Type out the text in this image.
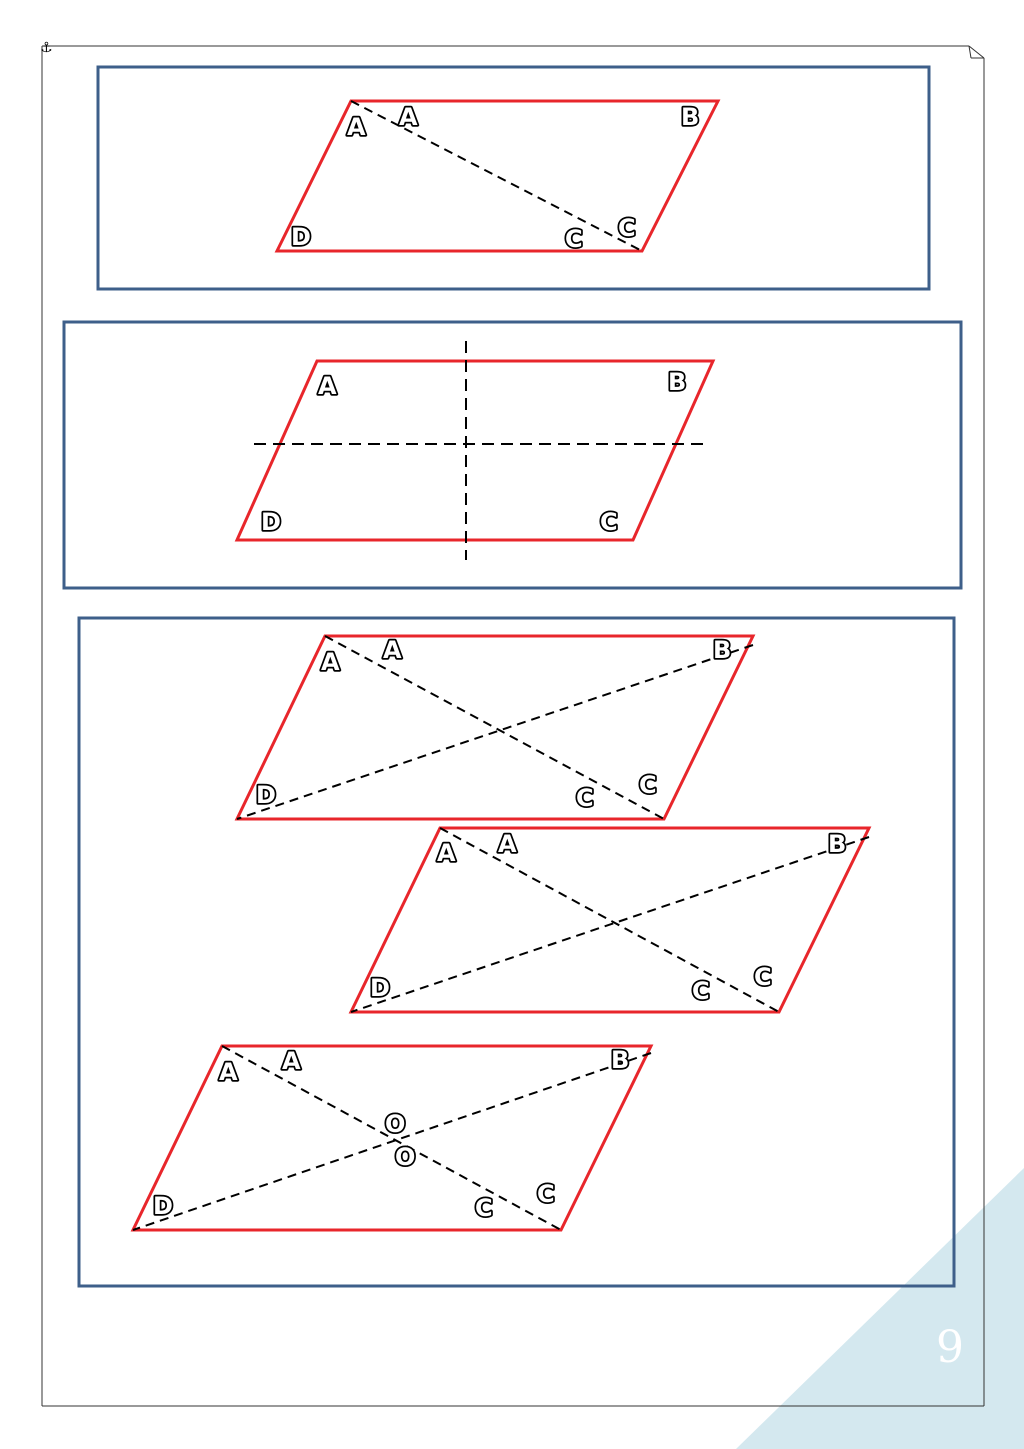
⚓
A A	B
C
C
D
A	B
C
D
A A	B
C
C
D
A A	B
C
C
D
A A	B
O
O
C
C
D
9
